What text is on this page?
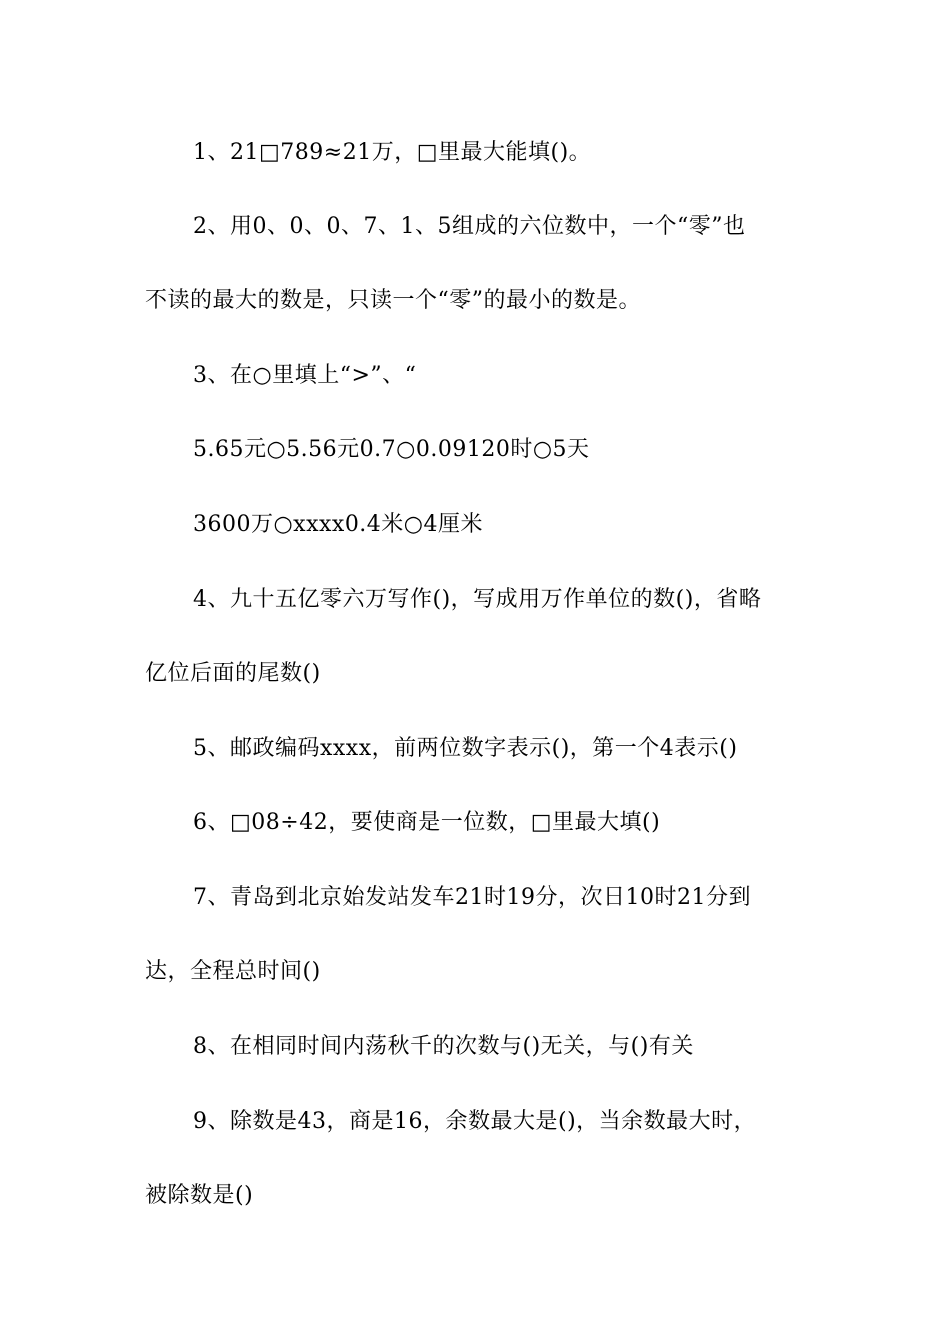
1、21□789≈21万，□里最大能填()。
2、用0、0、0、7、1、5组成的六位数中，一个“零”也
不读的最大的数是，只读一个“零”的最小的数是。
3、在○里填上“>”、“
5.65元○5.56元0.7○0.09120时○5天
3600万○xxxx0.4米○4厘米
4、九十五亿零六万写作()，写成用万作单位的数()，省略
亿位后面的尾数()
5、邮政编码xxxx，前两位数字表示()，第一个4表示()
6、□08÷42，要使商是一位数，□里最大填()
7、青岛到北京始发站发车21时19分，次日10时21分到
达，全程总时间()
8、在相同时间内荡秋千的次数与()无关，与()有关
9、除数是43，商是16，余数最大是()，当余数最大时，
被除数是()
